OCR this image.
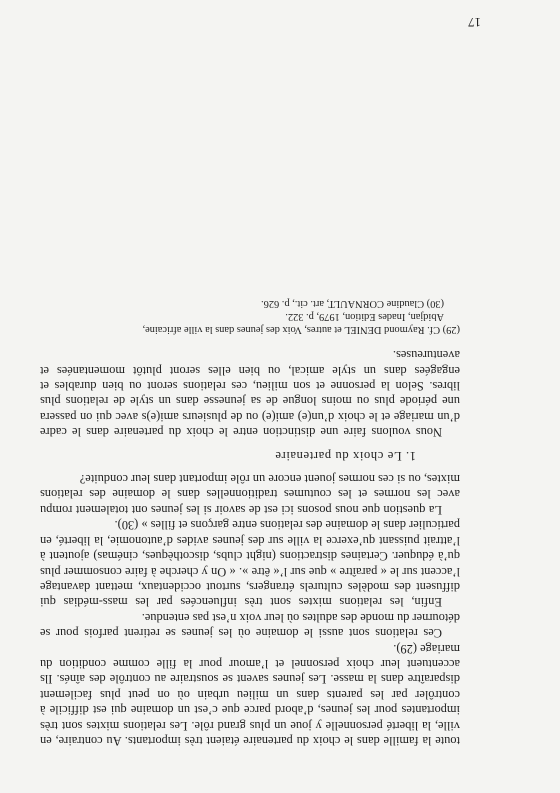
toute la famille dans le choix du partenaire étaient très importants. Au contraire, en ville, la liberté personnelle y joue un plus grand rôle. Les relations mixtes sont très importantes pour les jeunes, d’abord parce que c’est un domaine qui est difficile à contrôler par les parents dans un milieu urbain où on peut plus facilement disparaître dans la masse. Les jeunes savent se soustraire au contrôle des aînés. Ils accentuent leur choix personnel et l’amour pour la fille comme condition du mariage (29).

Ces relations sont aussi le domaine où les jeunes se retirent parfois pour se détourner du monde des adultes où leur voix n’est pas entendue.

Enfin, les relations mixtes sont très influencées par les mass-médias qui diffusent des modèles culturels étrangers, surtout occidentaux, mettant davantage l’accent sur le « paraître » que sur l’« être ». « On y cherche à faire consommer plus qu’à éduquer. Certaines distractions (night clubs, discothèques, cinémas) ajoutent à l’attrait puissant qu’exerce la ville sur des jeunes avides d’autonomie, la liberté, en particulier dans le domaine des relations entre garçons et filles » (30).

La question que nous posons ici est de savoir si les jeunes ont totalement rompu avec les normes et les coutumes traditionnelles dans le domaine des relations mixtes, ou si ces normes jouent encore un rôle important dans leur conduite?

1. Le choix du partenaire

Nous voulons faire une distinction entre le choix du partenaire dans le cadre d’un mariage et le choix d’un(e) ami(e) ou de plusieurs ami(e)s avec qui on passera une période plus ou moins longue de sa jeunesse dans un style de relations plus libres. Selon la personne et son milieu, ces relations seront ou bien durables et engagées dans un style amical, ou bien elles seront plutôt momentanées et aventureuses.

(29) Cf. Raymond DENIEL et autres, Voix des jeunes dans la ville africaine,

Abidjan, Inades Edition, 1979, p. 322.

(30) Claudine CORNAULT, art. cit., p. 626.

17
